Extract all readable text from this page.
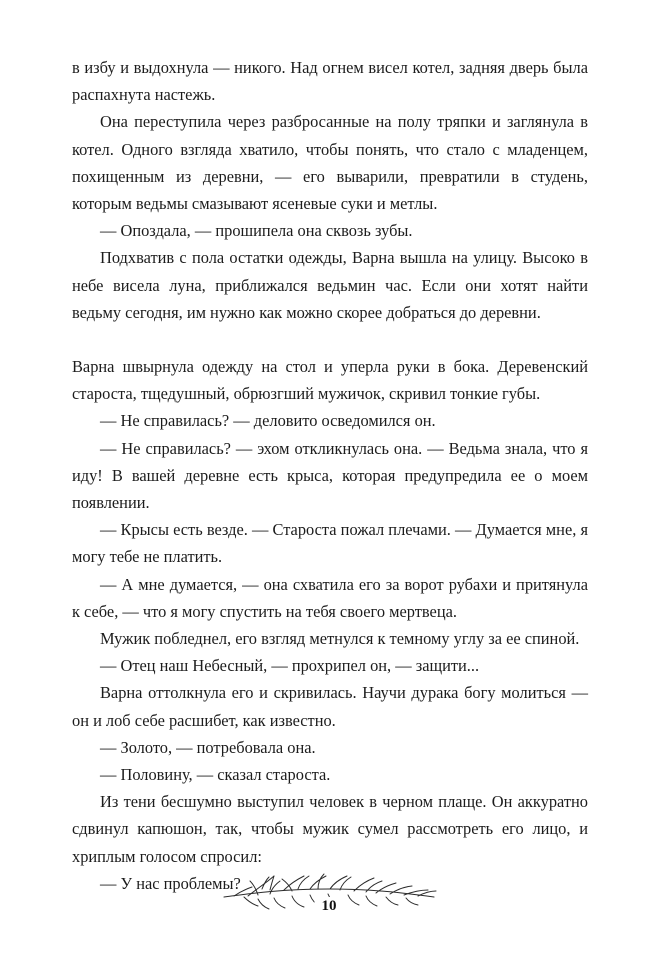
в избу и выдохнула — никого. Над огнем висел котел, задняя дверь была распахнута настежь.

Она переступила через разбросанные на полу тряпки и заглянула в котел. Одного взгляда хватило, чтобы понять, что стало с младенцем, похищенным из деревни, — его выварили, превратили в студень, которым ведьмы смазывают ясеневые суки и метлы.

— Опоздала, — прошипела она сквозь зубы.

Подхватив с пола остатки одежды, Варна вышла на улицу. Высоко в небе висела луна, приближался ведьмин час. Если они хотят найти ведьму сегодня, им нужно как можно скорее добраться до деревни.

Варна швырнула одежду на стол и уперла руки в бока. Деревенский староста, тщедушный, обрюзгший мужичок, скривил тонкие губы.

— Не справилась? — деловито осведомился он.

— Не справилась? — эхом откликнулась она. — Ведьма знала, что я иду! В вашей деревне есть крыса, которая предупредила ее о моем появлении.

— Крысы есть везде. — Староста пожал плечами. — Думается мне, я могу тебе не платить.

— А мне думается, — она схватила его за ворот рубахи и притянула к себе, — что я могу спустить на тебя своего мертвеца.

Мужик побледнел, его взгляд метнулся к темному углу за ее спиной.

— Отец наш Небесный, — прохрипел он, — защити...

Варна оттолкнула его и скривилась. Научи дурака богу молиться — он и лоб себе расшибет, как известно.

— Золото, — потребовала она.

— Половину, — сказал староста.

Из тени бесшумно выступил человек в черном плаще. Он аккуратно сдвинул капюшон, так, чтобы мужик сумел рассмотреть его лицо, и хриплым голосом спросил:

— У нас проблемы?

10
